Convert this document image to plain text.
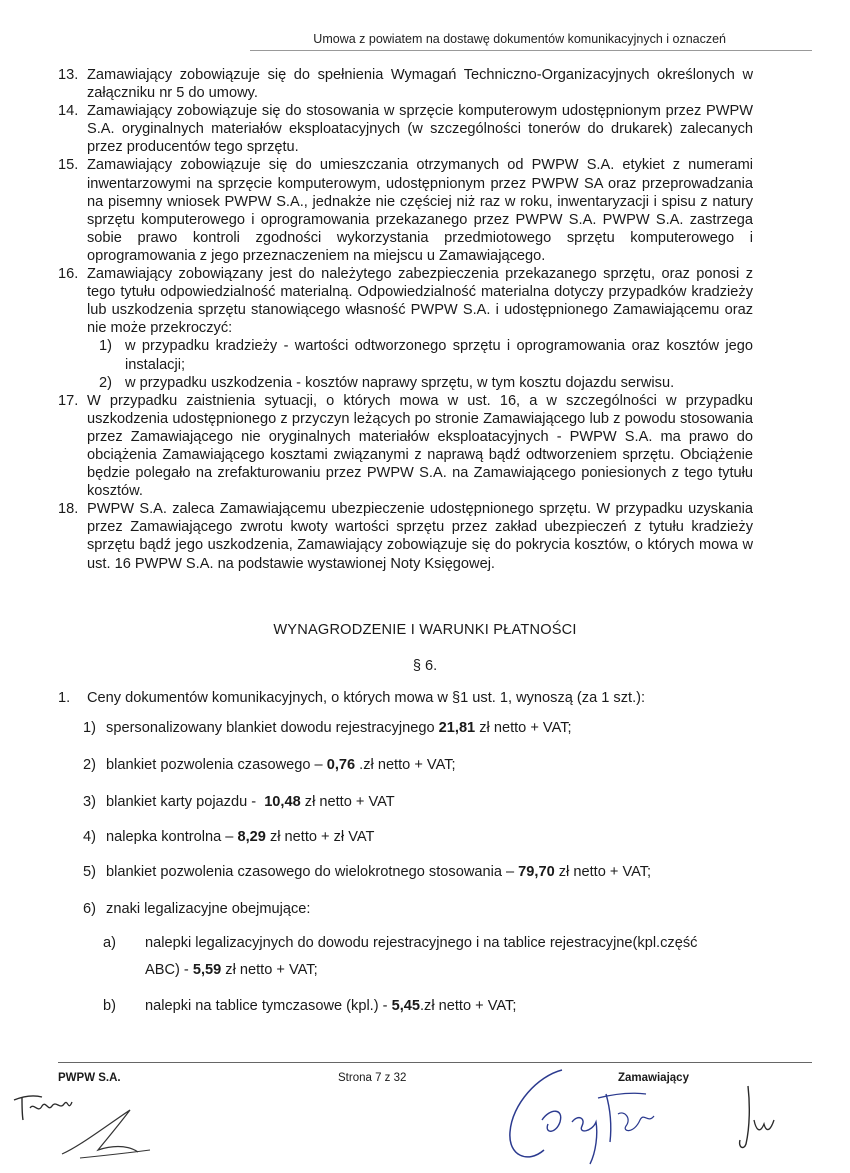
Umowa z powiatem na dostawę dokumentów komunikacyjnych i oznaczeń
13. Zamawiający zobowiązuje się do spełnienia Wymagań Techniczno-Organizacyjnych określonych w załączniku nr 5 do umowy.
14. Zamawiający zobowiązuje się do stosowania w sprzęcie komputerowym udostępnionym przez PWPW S.A. oryginalnych materiałów eksploatacyjnych (w szczególności tonerów do drukarek) zalecanych przez producentów tego sprzętu.
15. Zamawiający zobowiązuje się do umieszczania otrzymanych od PWPW S.A. etykiet z numerami inwentarzowymi na sprzęcie komputerowym, udostępnionym przez PWPW SA oraz przeprowadzania na pisemny wniosek PWPW S.A., jednakże nie częściej niż raz w roku, inwentaryzacji i spisu z natury sprzętu komputerowego i oprogramowania przekazanego przez PWPW S.A. PWPW S.A. zastrzega sobie prawo kontroli zgodności wykorzystania przedmiotowego sprzętu komputerowego i oprogramowania z jego przeznaczeniem na miejscu u Zamawiającego.
16. Zamawiający zobowiązany jest do należytego zabezpieczenia przekazanego sprzętu, oraz ponosi z tego tytułu odpowiedzialność materialną. Odpowiedzialność materialna dotyczy przypadków kradzieży lub uszkodzenia sprzętu stanowiącego własność PWPW S.A. i udostępnionego Zamawiającemu oraz nie może przekroczyć:
1) w przypadku kradzieży - wartości odtworzonego sprzętu i oprogramowania oraz kosztów jego instalacji;
2) w przypadku uszkodzenia - kosztów naprawy sprzętu, w tym kosztu dojazdu serwisu.
17. W przypadku zaistnienia sytuacji, o których mowa w ust. 16, a w szczególności w przypadku uszkodzenia udostępnionego z przyczyn leżących po stronie Zamawiającego lub z powodu stosowania przez Zamawiającego nie oryginalnych materiałów eksploatacyjnych - PWPW S.A. ma prawo do obciążenia Zamawiającego kosztami związanymi z naprawą bądź odtworzeniem sprzętu. Obciążenie będzie polegało na zrefakturowaniu przez PWPW S.A. na Zamawiającego poniesionych z tego tytułu kosztów.
18. PWPW S.A. zaleca Zamawiającemu ubezpieczenie udostępnionego sprzętu. W przypadku uzyskania przez Zamawiającego zwrotu kwoty wartości sprzętu przez zakład ubezpieczeń z tytułu kradzieży sprzętu bądź jego uszkodzenia, Zamawiający zobowiązuje się do pokrycia kosztów, o których mowa w ust. 16 PWPW S.A. na podstawie wystawionej Noty Księgowej.
WYNAGRODZENIE I WARUNKI PŁATNOŚCI
§ 6.
1. Ceny dokumentów komunikacyjnych, o których mowa w §1 ust. 1, wynoszą (za 1 szt.):
1) spersonalizowany blankiet dowodu rejestracyjnego 21,81 zł netto + VAT;
2) blankiet pozwolenia czasowego – 0,76 .zł netto + VAT;
3) blankiet karty pojazdu - 10,48 zł netto + VAT
4) nalepka kontrolna – 8,29 zł netto + zł VAT
5) blankiet pozwolenia czasowego do wielokrotnego stosowania – 79,70 zł netto + VAT;
6) znaki legalizacyjne obejmujące:
a) nalepki legalizacyjnych do dowodu rejestracyjnego i na tablice rejestracyjne(kpl.część
ABC) - 5,59 zł netto + VAT;
b) nalepki na tablice tymczasowe (kpl.) - 5,45.zł netto + VAT;
PWPW S.A.	Strona 7 z 32	Zamawiający
